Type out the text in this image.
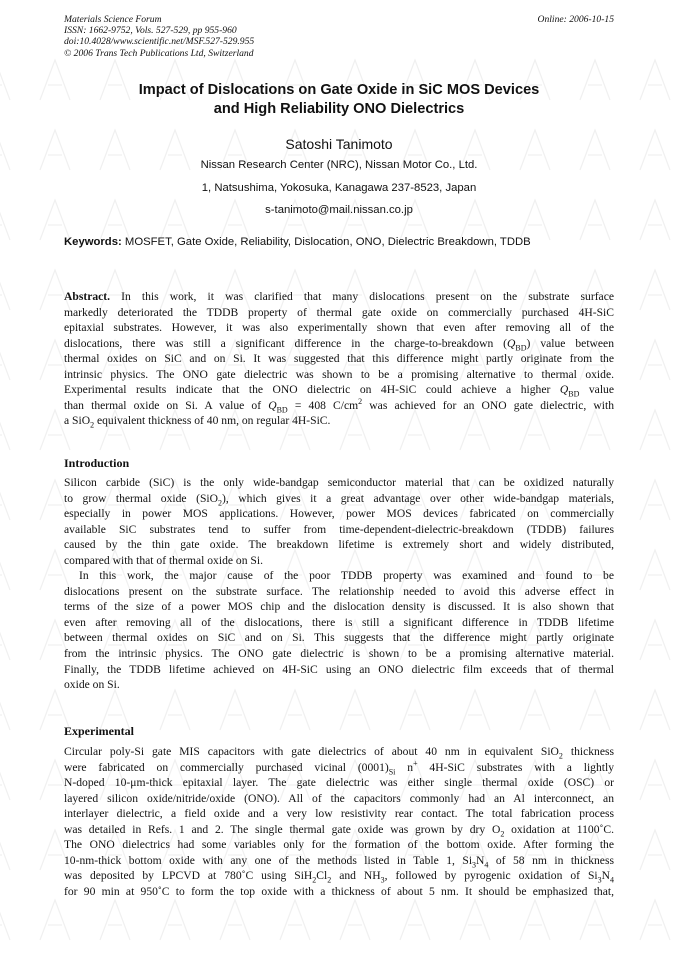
Materials Science Forum
ISSN: 1662-9752, Vols. 527-529, pp 955-960
doi:10.4028/www.scientific.net/MSF.527-529.955
© 2006 Trans Tech Publications Ltd, Switzerland
Online: 2006-10-15
Impact of Dislocations on Gate Oxide in SiC MOS Devices
and High Reliability ONO Dielectrics
Satoshi Tanimoto
Nissan Research Center (NRC), Nissan Motor Co., Ltd.
1, Natsushima, Yokosuka, Kanagawa 237-8523, Japan
s-tanimoto@mail.nissan.co.jp
Keywords: MOSFET, Gate Oxide, Reliability, Dislocation, ONO, Dielectric Breakdown, TDDB
Abstract. In this work, it was clarified that many dislocations present on the substrate surface
markedly deteriorated the TDDB property of thermal gate oxide on commercially purchased 4H-SiC
epitaxial substrates. However, it was also experimentally shown that even after removing all of the
dislocations, there was still a significant difference in the charge-to-breakdown $(Q_{BD})$ value between
thermal oxides on SiC and on Si. It was suggested that this difference might partly originate from the
intrinsic physics. The ONO gate dielectric was shown to be a promising alternative to thermal oxide.
Experimental results indicate that the ONO dielectric on 4H-SiC could achieve a higher $Q_{BD}$ value
than thermal oxide on Si. A value of $Q_{BD} = 408$ $C/cm^2$ was achieved for an ONO gate dielectric, with
a SiO$_2$ equivalent thickness of 40 nm, on regular 4H-SiC.
Introduction
Silicon carbide (SiC) is the only wide-bandgap semiconductor material that can be oxidized naturally
to grow thermal oxide (SiO$_2$), which gives it a great advantage over other wide-bandgap materials,
especially in power MOS applications. However, power MOS devices fabricated on commercially
available SiC substrates tend to suffer from time-dependent-dielectric-breakdown (TDDB) failures
caused by the thin gate oxide. The breakdown lifetime is extremely short and widely distributed,
compared with that of thermal oxide on Si.
In this work, the major cause of the poor TDDB property was examined and found to be
dislocations present on the substrate surface. The relationship needed to avoid this adverse effect in
terms of the size of a power MOS chip and the dislocation density is discussed. It is also shown that
even after removing all of the dislocations, there is still a significant difference in TDDB lifetime
between thermal oxides on SiC and on Si. This suggests that the difference might partly originate
from the intrinsic physics. The ONO gate dielectric is shown to be a promising alternative material.
Finally, the TDDB lifetime achieved on 4H-SiC using an ONO dielectric film exceeds that of thermal
oxide on Si.
Experimental
Circular poly-Si gate MIS capacitors with gate dielectrics of about 40 nm in equivalent SiO$_2$ thickness
were fabricated on commercially purchased vicinal $(0001)_{Si}$ n+ 4H-SiC substrates with a lightly
N-doped 10-μm-thick epitaxial layer. The gate dielectric was either single thermal oxide (OSC) or
layered silicon oxide/nitride/oxide (ONO). All of the capacitors commonly had an Al interconnect, an
interlayer dielectric, a field oxide and a very low resistivity rear contact. The total fabrication process
was detailed in Refs. 1 and 2. The single thermal gate oxide was grown by dry $O_2$ oxidation at 1100˚C.
The ONO dielectrics had some variables only for the formation of the bottom oxide. After forming the
10-nm-thick bottom oxide with any one of the methods listed in Table 1, $Si_3N_4$ of 58 nm in thickness
was deposited by LPCVD at 780˚C using $SiH_2Cl_2$ and $NH_3$, followed by pyrogenic oxidation of $Si_3N_4$
for 90 min at 950˚C to form the top oxide with a thickness of about 5 nm. It should be emphasized that,
